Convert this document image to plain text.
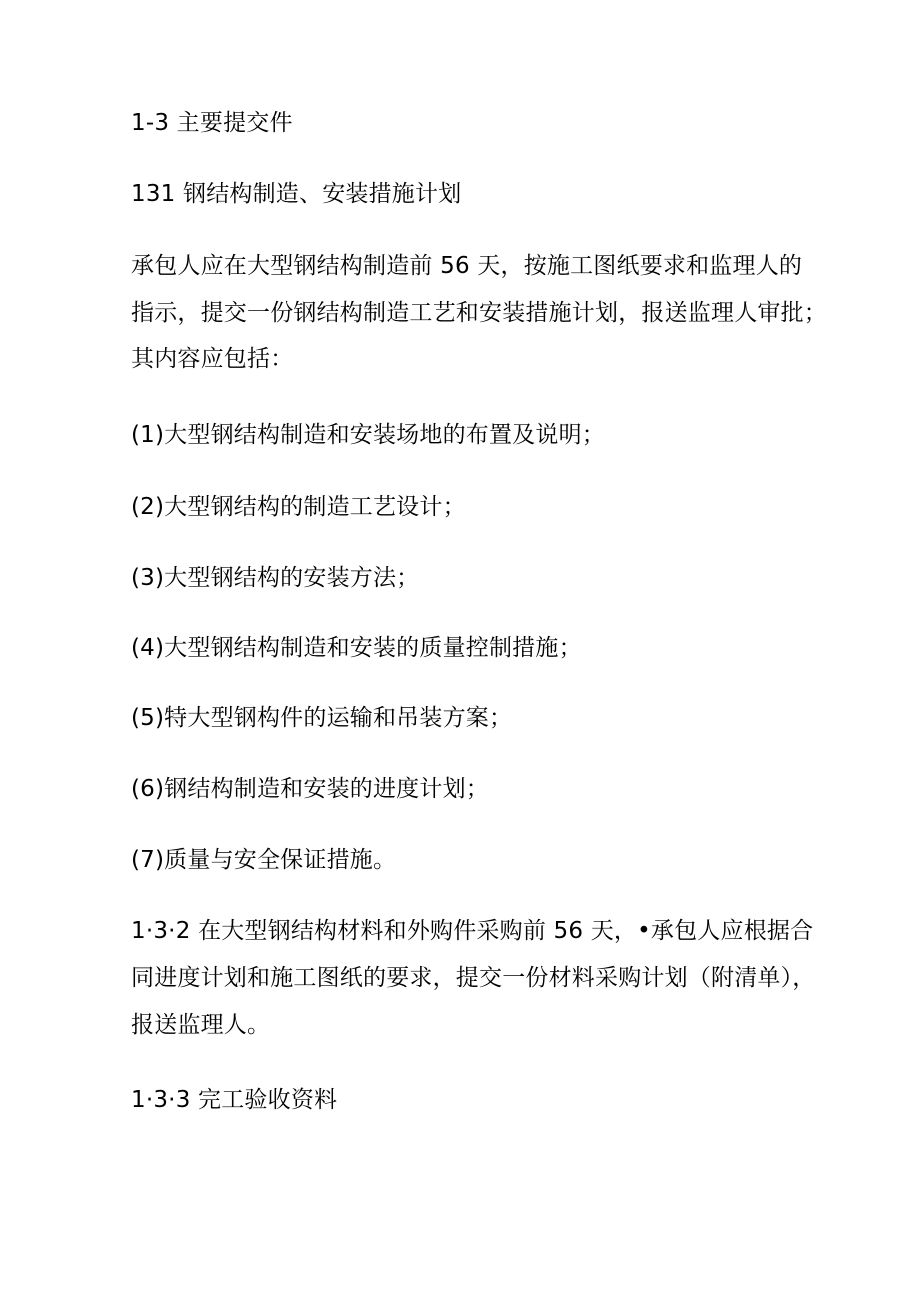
1-3 主要提交件
131 钢结构制造、安装措施计划
承包人应在大型钢结构制造前 56 天，按施工图纸要求和监理人的
指示，提交一份钢结构制造工艺和安装措施计划，报送监理人审批；
其内容应包括：
(1)大型钢结构制造和安装场地的布置及说明；
(2)大型钢结构的制造工艺设计；
(3)大型钢结构的安装方法；
(4)大型钢结构制造和安装的质量控制措施；
(5)特大型钢构件的运输和吊装方案；
(6)钢结构制造和安装的进度计划；
(7)质量与安全保证措施。
1·3·2 在大型钢结构材料和外购件采购前 56 天，•承包人应根据合
同进度计划和施工图纸的要求，提交一份材料采购计划（附清单），
报送监理人。
1·3·3 完工验收资料
